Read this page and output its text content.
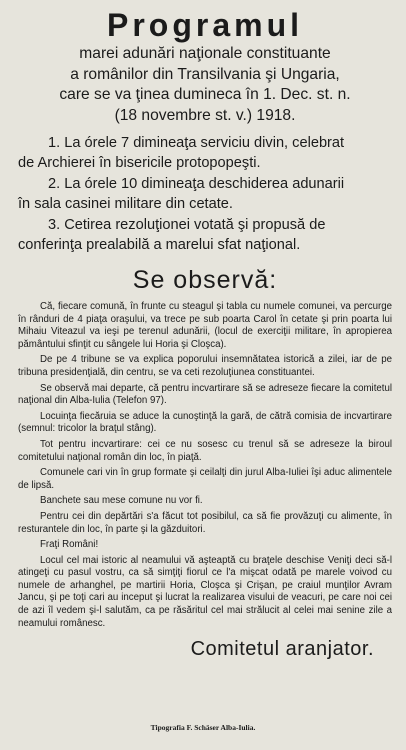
Programul
marei adunări naţionale constituante
a românilor din Transilvania şi Ungaria,
care se va ţinea dumineca în 1. Dec. st. n.
(18 novembre st. v.) 1918.
1. La órele 7 dimineaţa serviciu divin, celebrat
de Archierei în bisericile protopopeşti.
2. La órele 10 dimineaţa deschiderea adunarii
în sala casinei militare din cetate.
3. Cetirea rezoluţionei votată şi propusă de
conferinţa prealabilă a marelui sfat naţional.
Se observă:

Că, fiecare comună, în frunte cu steagul şi tabla cu numele comunei, va percurge în rânduri de 4 piaţa oraşului, va trece pe sub poarta Carol în cetate şi prin poarta lui Mihaiu Viteazul va ieşi pe terenul adunării, (locul de exerciţii militare, în apropierea pământului sfinţit cu sângele lui Horia şi Cloşca).

De pe 4 tribune se va explica poporului insemnătatea istorică a zilei, iar de pe tribuna presidenţială, din centru, se va ceti rezoluţiunea constituantei.

Se observă mai departe, că pentru incvartirare să se adreseze fiecare la comitetul naţional din Alba-Iulia (Telefon 97).

Locuinţa fiecăruia se aduce la cunoştinţă la gară, de cătră comisia de incvartirare (semnul: tricolor la braţul stâng).

Tot pentru incvartirare: cei ce nu sosesc cu trenul să se adreseze la biroul comitetului naţional român din loc, în piaţă.

Comunele cari vin în grup formate şi ceilalţi din jurul Alba-Iuliei îşi aduc alimentele de lipsă.

Banchete sau mese comune nu vor fi.

Pentru cei din depărtări s'a făcut tot posibilul, ca să fie provăzuţi cu alimente, în resturantele din loc, în parte şi la găzduitori.

Fraţi Români!

Locul cel mai istoric al neamului vă aşteaptă cu braţele deschise Veniţi deci să-l atingeţi cu pasul vostru, ca să simţiţi fiorul ce l'a mişcat odată pe marele voivod cu numele de arhanghel, pe martirii Horia, Cloşca şi Crişan, pe craiul munţilor Avram Jancu, şi pe toţi cari au inceput şi lucrat la realizarea visului de veacuri, pe care noi cei de azi îl vedem şi-l salutăm, ca pe răsăritul cel mai strălucit al celei mai senine zile a neamului românesc.

Comitetul aranjator.
Tipografia F. Schäser Alba-Iulia.
